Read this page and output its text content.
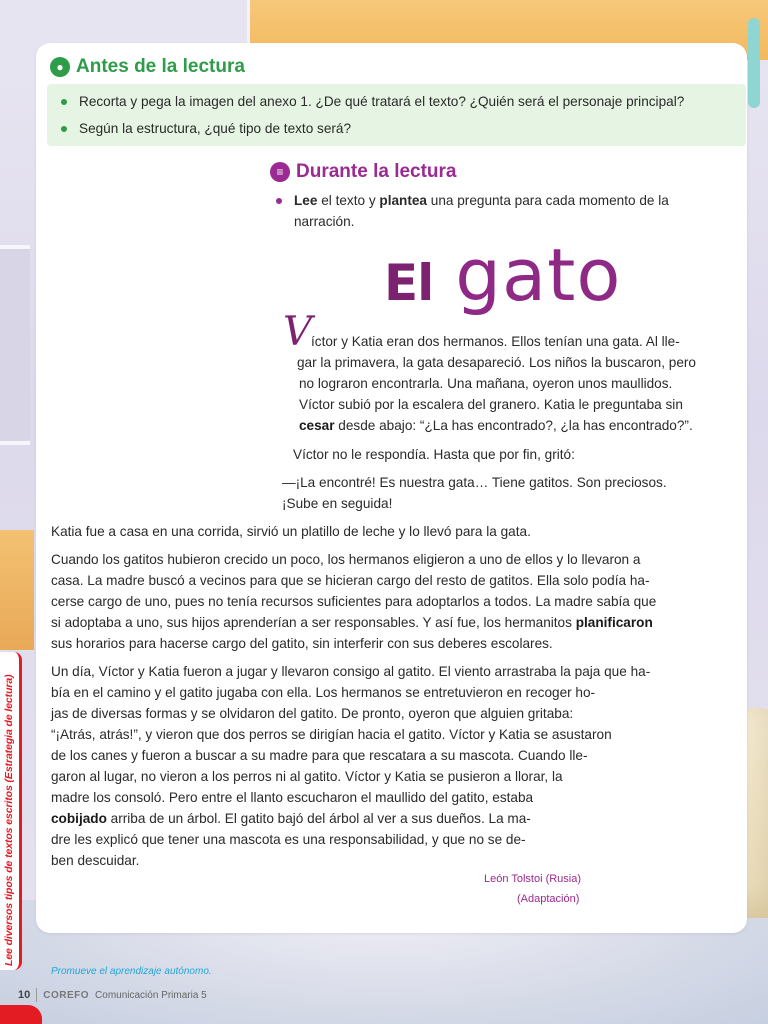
Lee diversos tipos de textos escritos (Estrategia de lectura)
● Antes de la lectura
Recorta y pega la imagen del anexo 1. ¿De qué tratará el texto? ¿Quién será el personaje principal?
Según la estructura, ¿qué tipo de texto será?
≡ Durante la lectura
Lee el texto y plantea una pregunta para cada momento de la
narración.
El gato
V íctor y Katia eran dos hermanos. Ellos tenían una gata. Al lle-
gar la primavera, la gata desapareció. Los niños la buscaron, pero
no lograron encontrarla. Una mañana, oyeron unos maullidos.
Víctor subió por la escalera del granero. Katia le preguntaba sin
cesar desde abajo: “¿La has encontrado?, ¿la has encontrado?”.
Víctor no le respondía. Hasta que por fin, gritó:
—¡La encontré! Es nuestra gata… Tiene gatitos. Son preciosos.
¡Sube en seguida!
Katia fue a casa en una corrida, sirvió un platillo de leche y lo llevó para la gata.
Cuando los gatitos hubieron crecido un poco, los hermanos eligieron a uno de ellos y lo llevaron a
casa. La madre buscó a vecinos para que se hicieran cargo del resto de gatitos. Ella solo podía ha-
cerse cargo de uno, pues no tenía recursos suficientes para adoptarlos a todos. La madre sabía que
si adoptaba a uno, sus hijos aprenderían a ser responsables. Y así fue, los hermanitos planificaron
sus horarios para hacerse cargo del gatito, sin interferir con sus deberes escolares.
Un día, Víctor y Katia fueron a jugar y llevaron consigo al gatito. El viento arrastraba la paja que ha-
bía en el camino y el gatito jugaba con ella. Los hermanos se entretuvieron en recoger ho-
jas de diversas formas y se olvidaron del gatito. De pronto, oyeron que alguien gritaba:
“¡Atrás, atrás!”, y vieron que dos perros se dirigían hacia el gatito. Víctor y Katia se asustaron
de los canes y fueron a buscar a su madre para que rescatara a su mascota. Cuando lle-
garon al lugar, no vieron a los perros ni al gatito. Víctor y Katia se pusieron a llorar, la
madre los consoló. Pero entre el llanto escucharon el maullido del gatito, estaba
cobijado arriba de un árbol. El gatito bajó del árbol al ver a sus dueños. La ma-
dre les explicó que tener una mascota es una responsabilidad, y que no se de-
ben descuidar.
León Tolstoi (Rusia)
(Adaptación)
Promueve el aprendizaje autónomo.
10 COREFO Comunicación Primaria 5
